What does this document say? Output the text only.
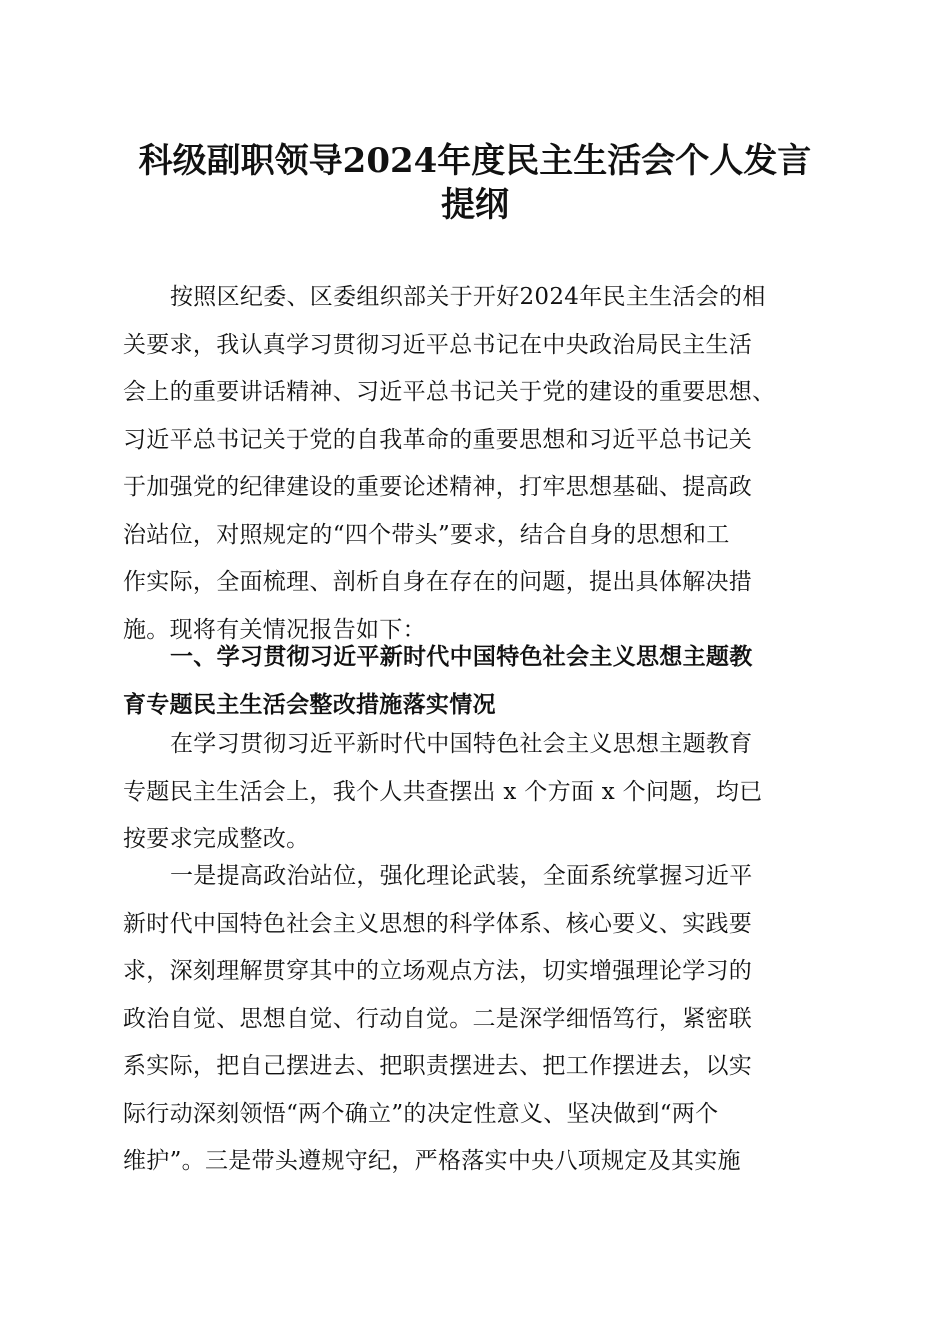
科级副职领导2024年度民主生活会个人发言
提纲
按照区纪委、区委组织部关于开好2024年民主生活会的相
关要求，我认真学习贯彻习近平总书记在中央政治局民主生活
会上的重要讲话精神、习近平总书记关于党的建设的重要思想、
习近平总书记关于党的自我革命的重要思想和习近平总书记关
于加强党的纪律建设的重要论述精神，打牢思想基础、提高政
治站位，对照规定的“四个带头”要求，结合自身的思想和工
作实际，全面梳理、剖析自身在存在的问题，提出具体解决措
施。现将有关情况报告如下：
一、学习贯彻习近平新时代中国特色社会主义思想主题教
育专题民主生活会整改措施落实情况
在学习贯彻习近平新时代中国特色社会主义思想主题教育
专题民主生活会上，我个人共查摆出 x 个方面 x 个问题，均已
按要求完成整改。
一是提高政治站位，强化理论武装，全面系统掌握习近平
新时代中国特色社会主义思想的科学体系、核心要义、实践要
求，深刻理解贯穿其中的立场观点方法，切实增强理论学习的
政治自觉、思想自觉、行动自觉。二是深学细悟笃行，紧密联
系实际，把自己摆进去、把职责摆进去、把工作摆进去，以实
际行动深刻领悟“两个确立”的决定性意义、坚决做到“两个
维护”。三是带头遵规守纪，严格落实中央八项规定及其实施
